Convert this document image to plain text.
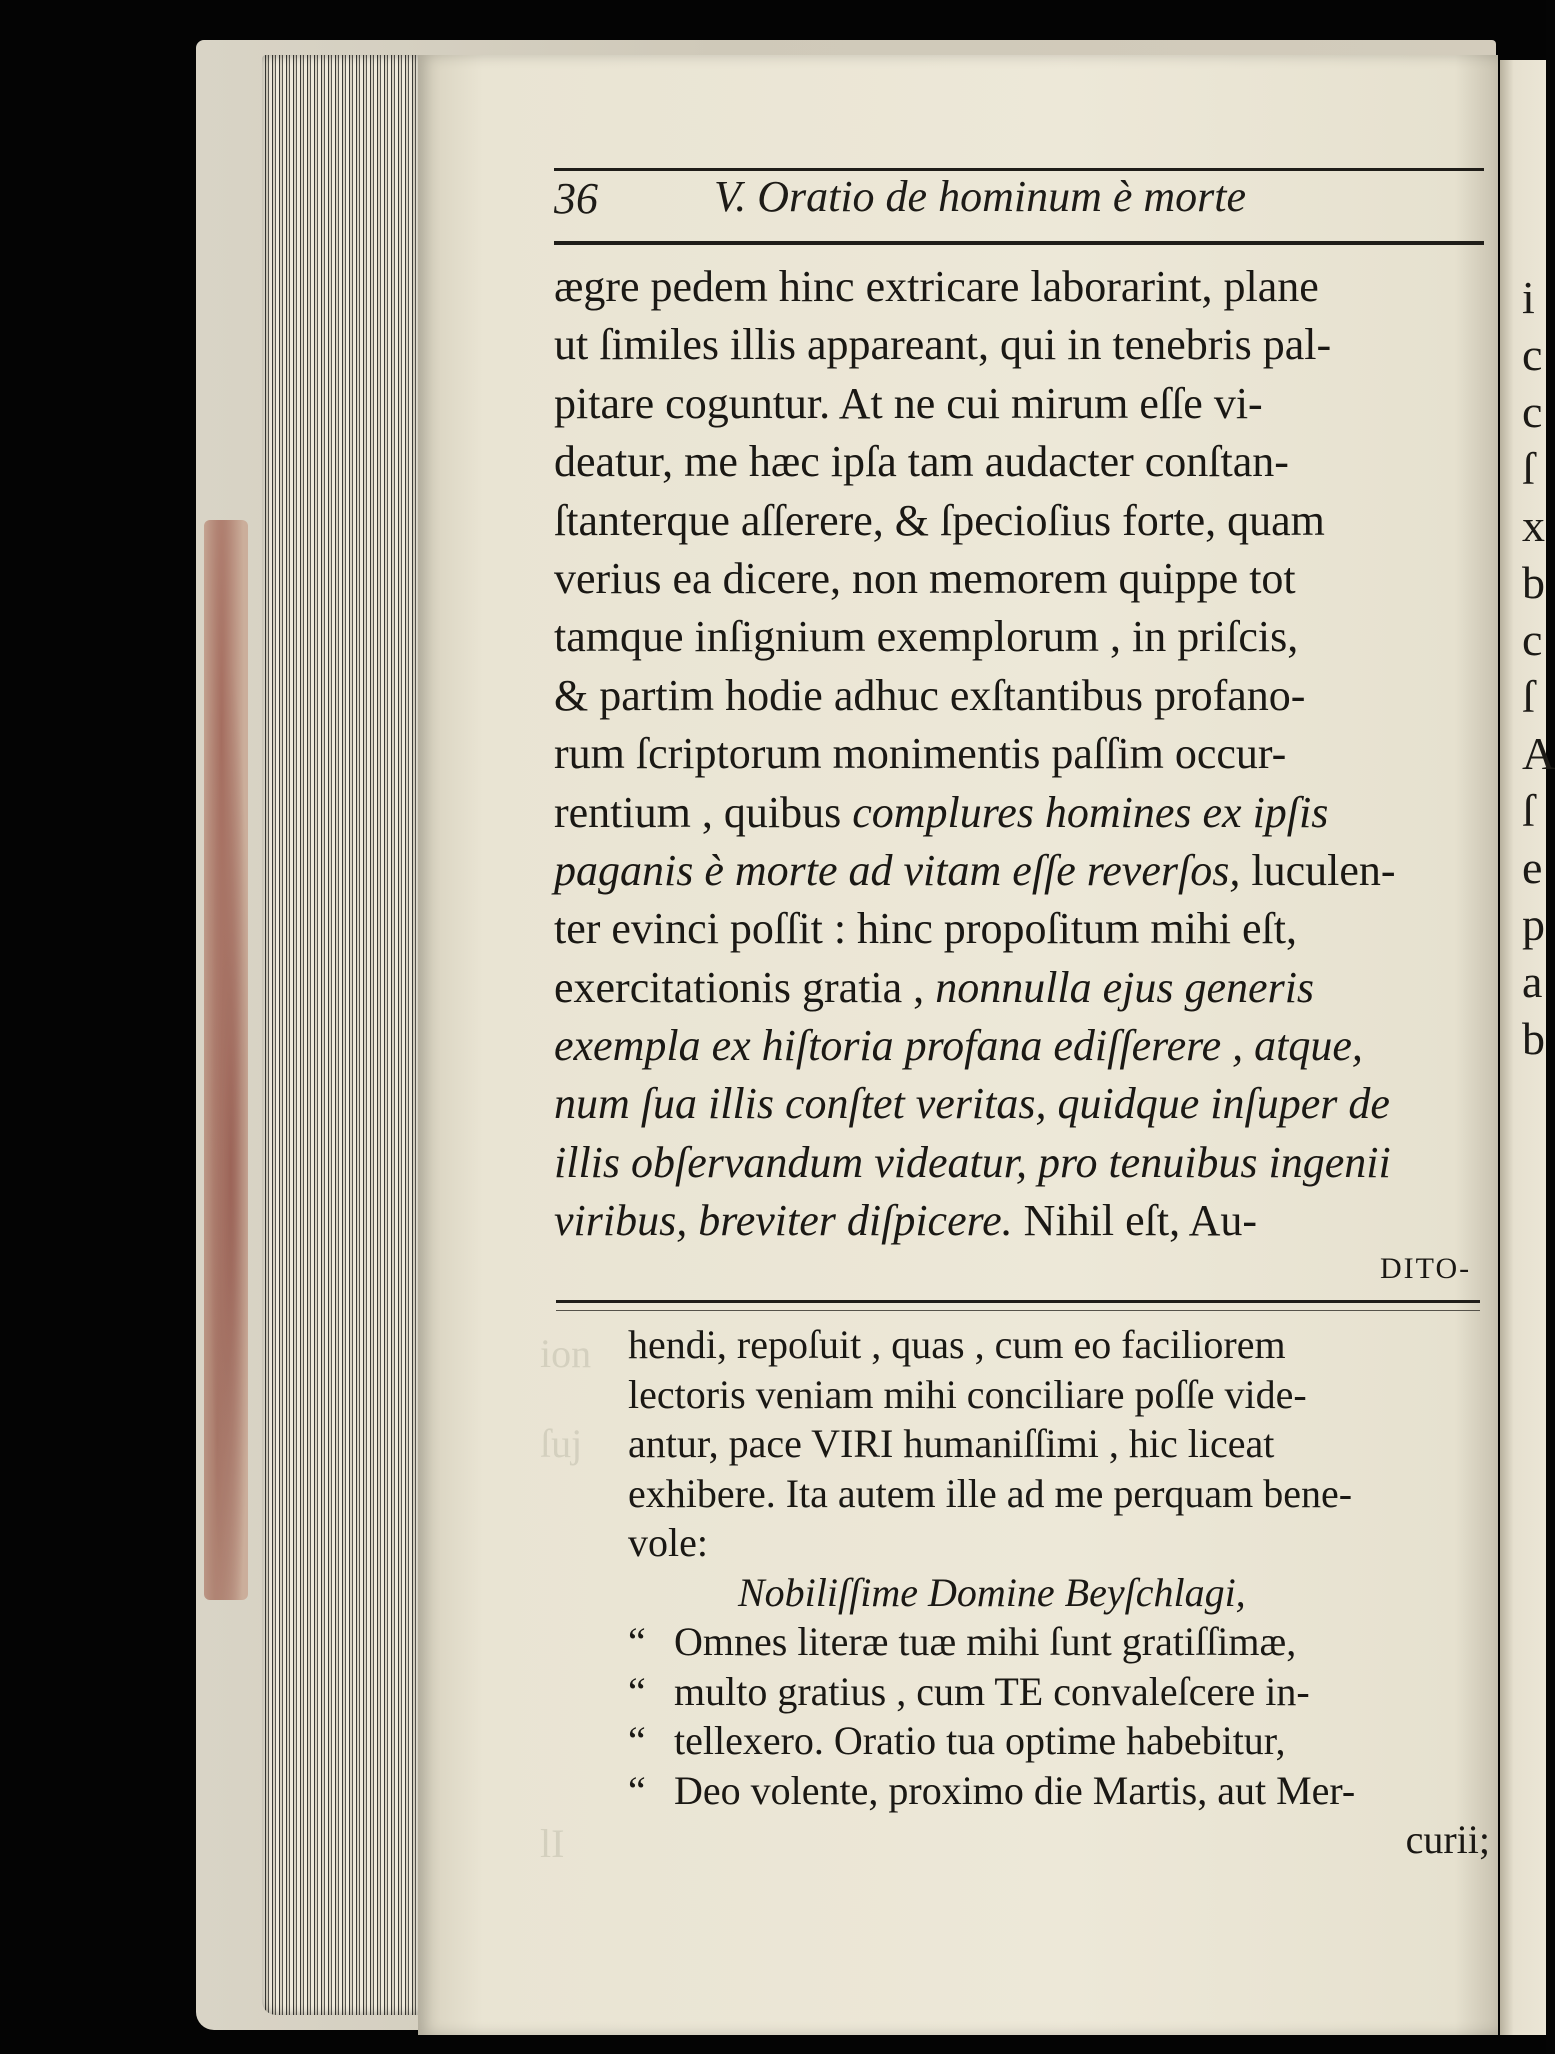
i
c
c
ſ
x
b
c
ſ
A
ſ
e
p
a
b
ion
ſuj
lI
36	V. Oratio de hominum è morte
ægre pedem hinc extricare laborarint, plane
ut ſimiles illis appareant, qui in tenebris pal-
pitare coguntur. At ne cui mirum eſſe vi-
deatur, me hæc ipſa tam audacter conſtan-
ſtanterque aſſerere, & ſpecioſius forte, quam
verius ea dicere, non memorem quippe tot
tamque inſignium exemplorum , in priſcis,
& partim hodie adhuc exſtantibus profano-
rum ſcriptorum monimentis paſſim occur-
rentium , quibus complures homines ex ipſis
paganis è morte ad vitam eſſe reverſos, luculen-
ter evinci poſſit : hinc propoſitum mihi eſt,
exercitationis gratia , nonnulla ejus generis
exempla ex hiſtoria profana ediſſerere , atque,
num ſua illis conſtet veritas, quidque inſuper de
illis obſervandum videatur, pro tenuibus ingenii
viribus, breviter diſpicere. Nihil eſt, Au-
DITO-
hendi, repoſuit , quas , cum eo faciliorem
lectoris veniam mihi conciliare poſſe vide-
antur, pace VIRI humaniſſimi , hic liceat
exhibere. Ita autem ille ad me perquam bene-
vole:
Nobiliſſime Domine Beyſchlagi,
“ Omnes literæ tuæ mihi ſunt gratiſſimæ,
“ multo gratius , cum TE convaleſcere in-
“ tellexero. Oratio tua optime habebitur,
“ Deo volente, proximo die Martis, aut Mer-
curii;
